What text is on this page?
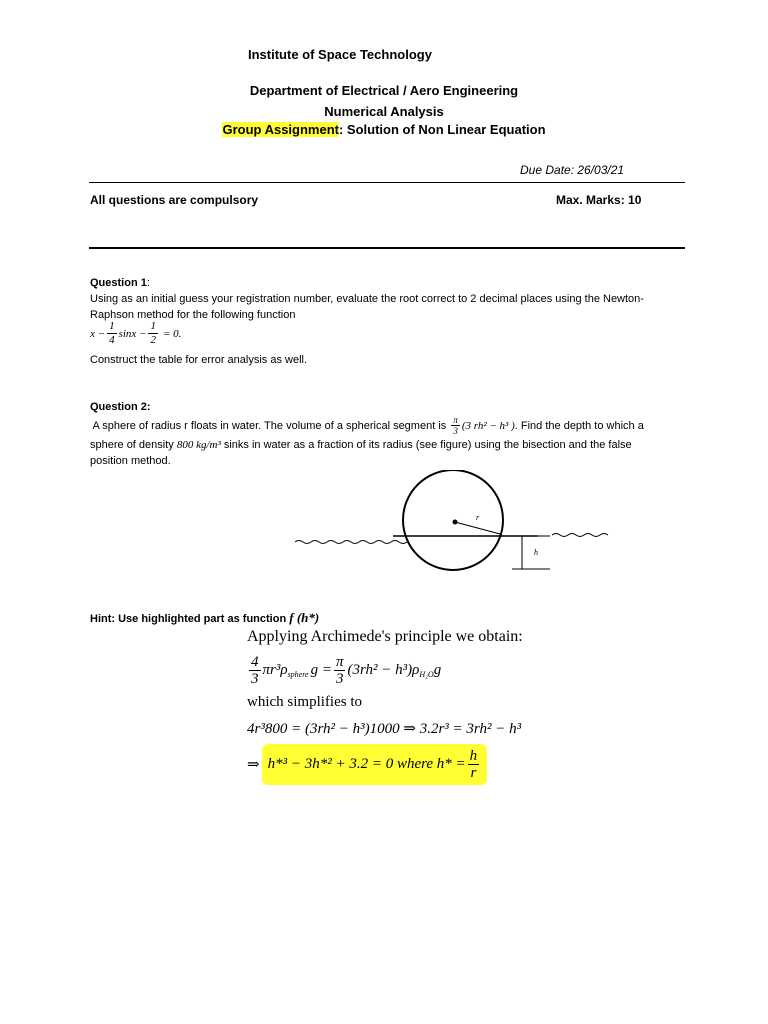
Institute of Space Technology
Department of Electrical / Aero Engineering
Numerical Analysis
Group Assignment: Solution of Non Linear Equation
Due Date: 26/03/21
All questions are compulsory	Max. Marks: 10
Question 1:
Using as an initial guess your registration number, evaluate the root correct to 2 decimal places using the Newton-
Raphson method for the following function
$x - \frac{1}{4}$ $\sin x - \frac{1}{2} = 0$.
Construct the table for error analysis as well.
Question 2:
A sphere of radius r floats in water. The volume of a spherical segment is $\frac{\pi}{3} (3$ rh² − h³ ) . Find the depth to which a
sphere of density 800 kg/m³ sinks in water as a fraction of its radius (see figure) using the bisection and the false
position method.
r
h
Hint: Use highlighted part as function f (h*)
Applying Archimede's principle we obtain:
$\frac{4}{3} \pi r^3\rho$ sphere $g = \frac{\pi}{3} (3rh^2 - h^3)\rho$ H₂O g
which simplifies to
4r³800 = (3rh² − h³)1000 ⇒ 3.2r³ = 3rh² − h³
⇒ h*³ − 3h*² + 3.2 = 0 where $h* = \frac{h}{r}$
